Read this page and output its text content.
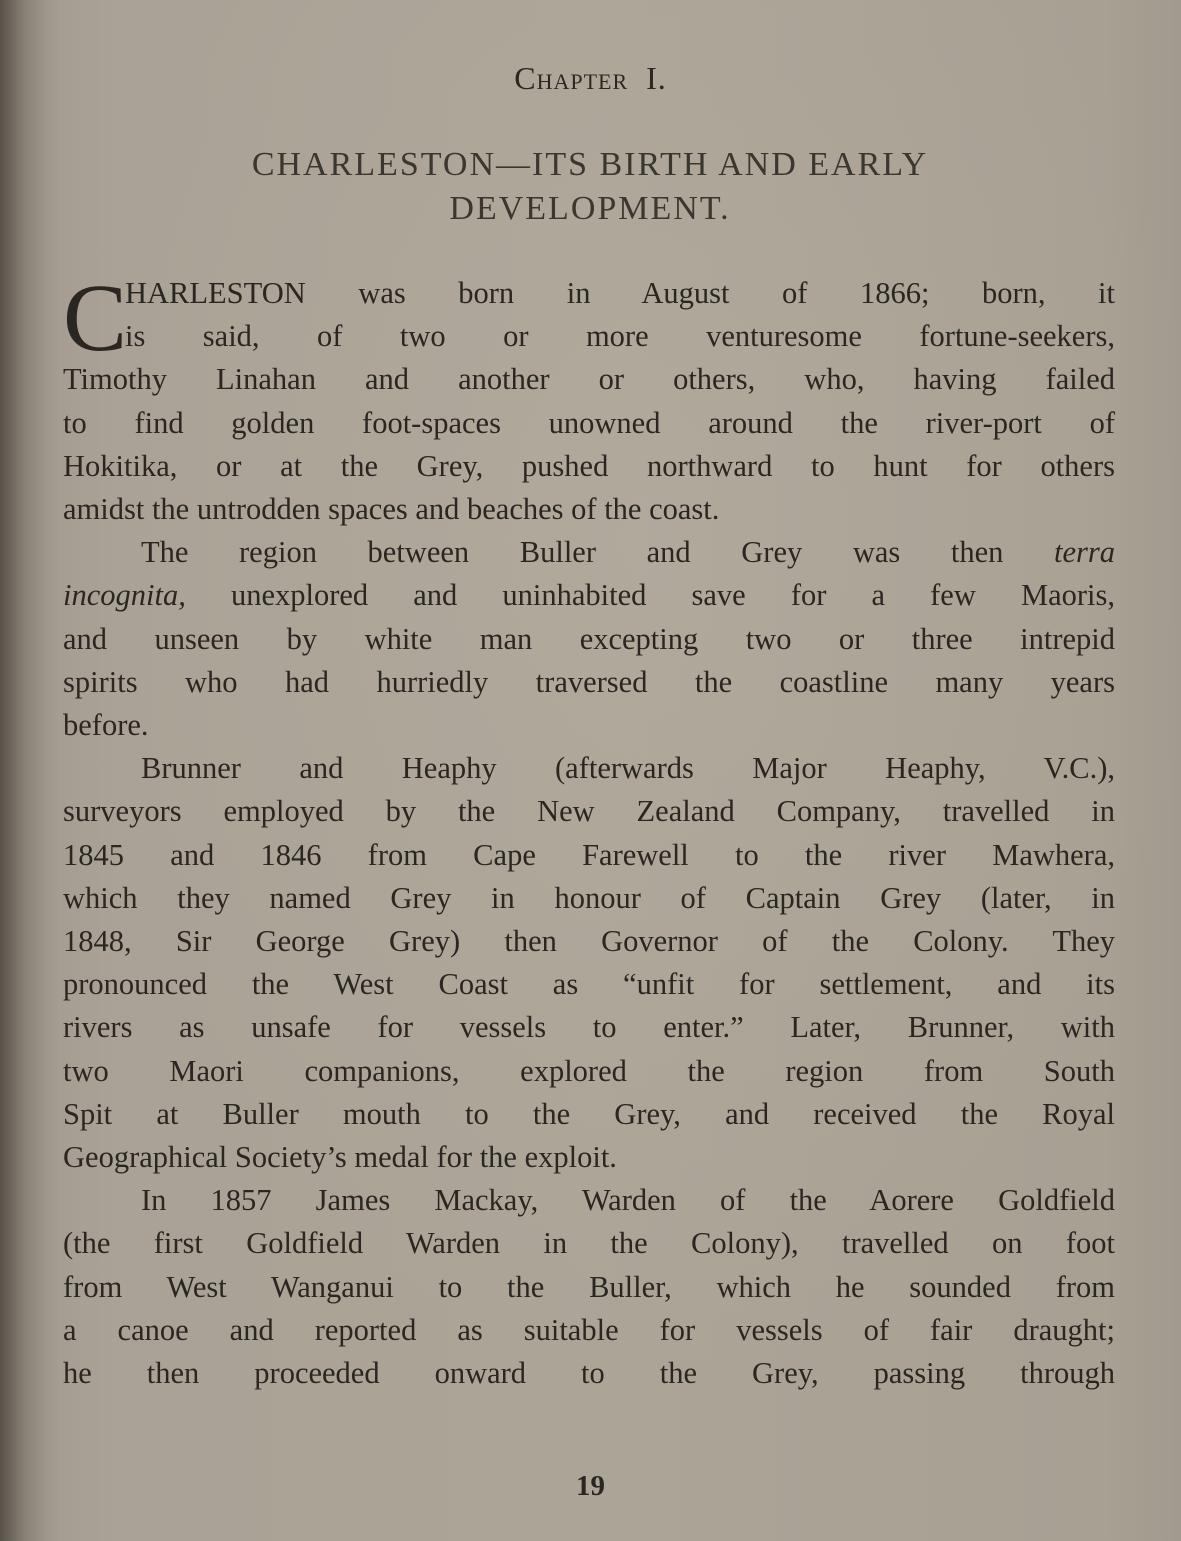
Chapter I.
CHARLESTON—ITS BIRTH AND EARLY
DEVELOPMENT.
C
HARLESTON was born in August of 1866; born, it
is said, of two or more venturesome fortune-seekers,
Timothy Linahan and another or others, who, having failed
to find golden foot-spaces unowned around the river-port of
Hokitika, or at the Grey, pushed northward to hunt for others
amidst the untrodden spaces and beaches of the coast.
The region between Buller and Grey was then terra
incognita, unexplored and uninhabited save for a few Maoris,
and unseen by white man excepting two or three intrepid
spirits who had hurriedly traversed the coastline many years
before.
Brunner and Heaphy (afterwards Major Heaphy, V.C.),
surveyors employed by the New Zealand Company, travelled in
1845 and 1846 from Cape Farewell to the river Mawhera,
which they named Grey in honour of Captain Grey (later, in
1848, Sir George Grey) then Governor of the Colony. They
pronounced the West Coast as “unfit for settlement, and its
rivers as unsafe for vessels to enter.” Later, Brunner, with
two Maori companions, explored the region from South
Spit at Buller mouth to the Grey, and received the Royal
Geographical Society’s medal for the exploit.
In 1857 James Mackay, Warden of the Aorere Goldfield
(the first Goldfield Warden in the Colony), travelled on foot
from West Wanganui to the Buller, which he sounded from
a canoe and reported as suitable for vessels of fair draught;
he then proceeded onward to the Grey, passing through
19
